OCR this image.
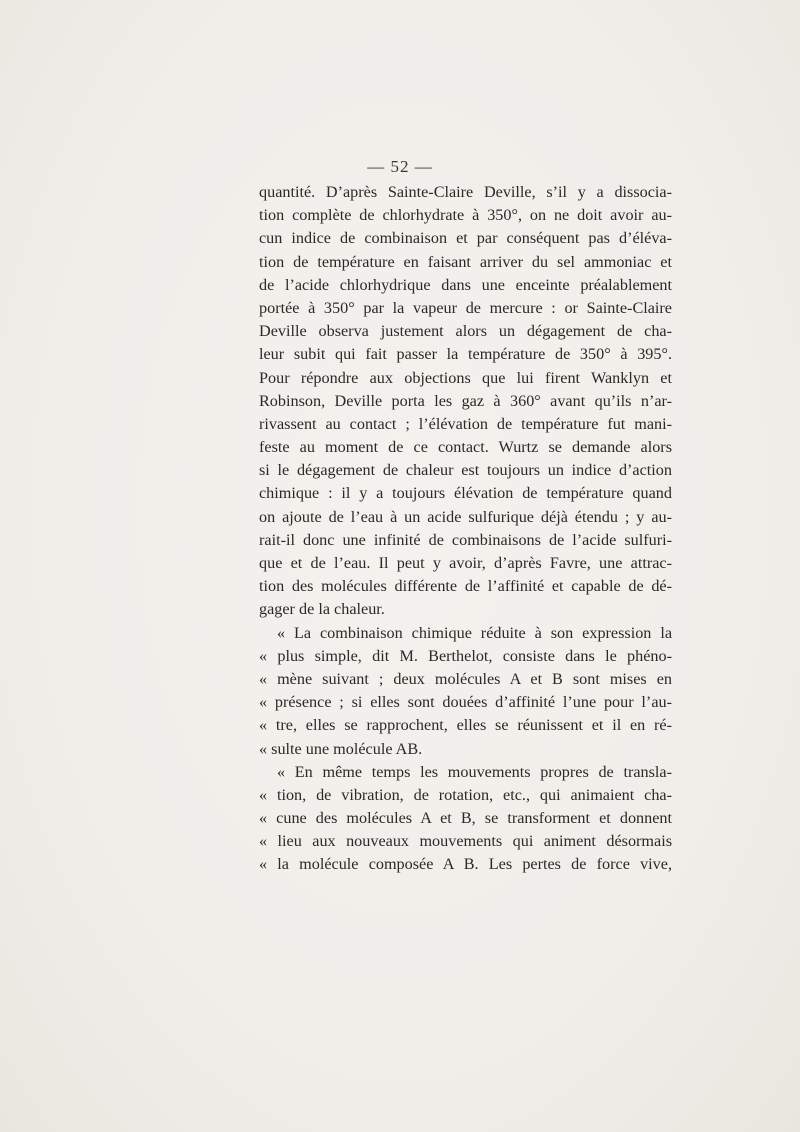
— 52 —
quantité. D’après Sainte-Claire Deville, s’il y a dissocia-
tion complète de chlorhydrate à 350°, on ne doit avoir au-
cun indice de combinaison et par conséquent pas d’éléva-
tion de température en faisant arriver du sel ammoniac et
de l’acide chlorhydrique dans une enceinte préalablement
portée à 350° par la vapeur de mercure : or Sainte-Claire
Deville observa justement alors un dégagement de cha-
leur subit qui fait passer la température de 350° à 395°.
Pour répondre aux objections que lui firent Wanklyn et
Robinson, Deville porta les gaz à 360° avant qu’ils n’ar-
rivassent au contact ; l’élévation de température fut mani-
feste au moment de ce contact. Wurtz se demande alors
si le dégagement de chaleur est toujours un indice d’action
chimique : il y a toujours élévation de température quand
on ajoute de l’eau à un acide sulfurique déjà étendu ; y au-
rait-il donc une infinité de combinaisons de l’acide sulfuri-
que et de l’eau. Il peut y avoir, d’après Favre, une attrac-
tion des molécules différente de l’affinité et capable de dé-
gager de la chaleur.
« La combinaison chimique réduite à son expression la
« plus simple, dit M. Berthelot, consiste dans le phéno-
« mène suivant ; deux molécules A et B sont mises en
« présence ; si elles sont douées d’affinité l’une pour l’au-
« tre, elles se rapprochent, elles se réunissent et il en ré-
« sulte une molécule AB.
« En même temps les mouvements propres de transla-
« tion, de vibration, de rotation, etc., qui animaient cha-
« cune des molécules A et B, se transforment et donnent
« lieu aux nouveaux mouvements qui animent désormais
« la molécule composée A B. Les pertes de force vive,
